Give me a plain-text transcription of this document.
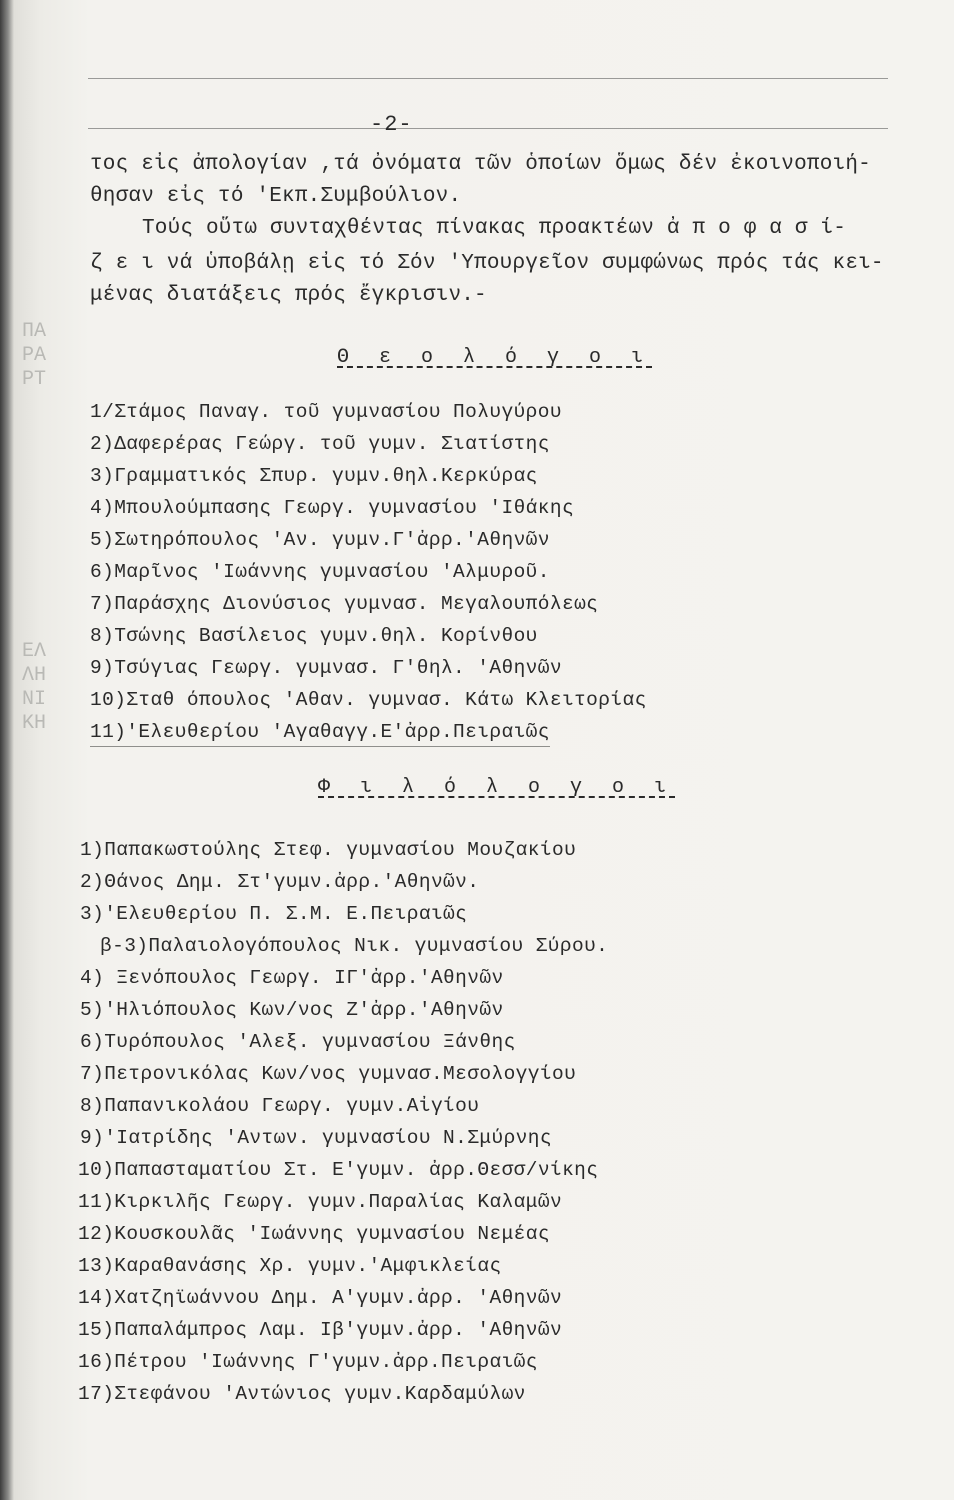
ΠΑΡΑΡΤ
ΕΛΛΗΝΙΚΗ
-2-
τος εἰς ἀπολογίαν ,τά ὀνόματα τῶν ὁποίων ὅμως δέν ἐκοινοποιή-
θησαν εἰς τό 'Εκπ.Συμβούλιον.
Τούς οὕτω συνταχθέντας πίνακας προακτέων ἀ π ο φ α σ ί-
ζ ε ι νά ὑποβάλῃ εἰς τό Σόν 'Υπουργεῖον συμφώνως πρός τάς κει-
μένας διατάξεις πρός ἔγκρισιν.-
Θ ε ο λ ό γ ο ι
1/Στάμος Παναγ. τοῦ γυμνασίου Πολυγύρου
2)Δαφερέρας Γεώργ. τοῦ γυμν. Σιατίστης
3)Γραμματικός Σπυρ. γυμν.θηλ.Κερκύρας
4)Μπουλούμπασης Γεωργ. γυμνασίου 'Ιθάκης
5)Σωτηρόπουλος 'Αν. γυμν.Γ'ἀρρ.'Αθηνῶν
6)Μαρῖνος 'Ιωάννης γυμνασίου 'Αλμυροῦ.
7)Παράσχης Διονύσιος γυμνασ. Μεγαλουπόλεως
8)Τσώνης Βασίλειος γυμν.θηλ. Κορίνθου
9)Τσύγιας Γεωργ. γυμνασ. Γ'θηλ. 'Αθηνῶν
10)Σταθ όπουλος 'Αθαν. γυμνασ. Κάτω Κλειτορίας
11)'Ελευθερίου 'Αγαθαγγ.Ε'ἀρρ.Πειραιῶς
Φ ι λ ό λ ο γ ο ι
1)Παπακωστούλης Στεφ. γυμνασίου Μουζακίου
2)Θάνος Δημ. Στ'γυμν.ἀρρ.'Αθηνῶν.
3)'Ελευθερίου Π. Σ.Μ. Ε.Πειραιῶς
β-3)Παλαιολογόπουλος Νικ. γυμνασίου Σύρου.
4) Ξενόπουλος Γεωργ. ΙΓ'ἀρρ.'Αθηνῶν
5)'Ηλιόπουλος Κων/νος Ζ'ἀρρ.'Αθηνῶν
6)Τυρόπουλος 'Αλεξ. γυμνασίου Ξάνθης
7)Πετρονικόλας Κων/νος γυμνασ.Μεσολογγίου
8)Παπανικολάου Γεωργ. γυμν.Αἰγίου
9)'Ιατρίδης 'Αντων. γυμνασίου Ν.Σμύρνης
10)Παπασταματίου Στ. Ε'γυμν. ἀρρ.Θεσσ/νίκης
11)Κιρκιλῆς Γεωργ. γυμν.Παραλίας Καλαμῶν
12)Κουσκουλᾶς 'Ιωάννης γυμνασίου Νεμέας
13)Καραθανάσης Χρ. γυμν.'Αμφικλείας
14)Χατζηϊωάννου Δημ. Α'γυμν.ἀρρ. 'Αθηνῶν
15)Παπαλάμπρος Λαμ. Ιβ'γυμν.ἀρρ. 'Αθηνῶν
16)Πέτρου 'Ιωάννης Γ'γυμν.ἀρρ.Πειραιῶς
17)Στεφάνου 'Αντώνιος γυμν.Καρδαμύλων
